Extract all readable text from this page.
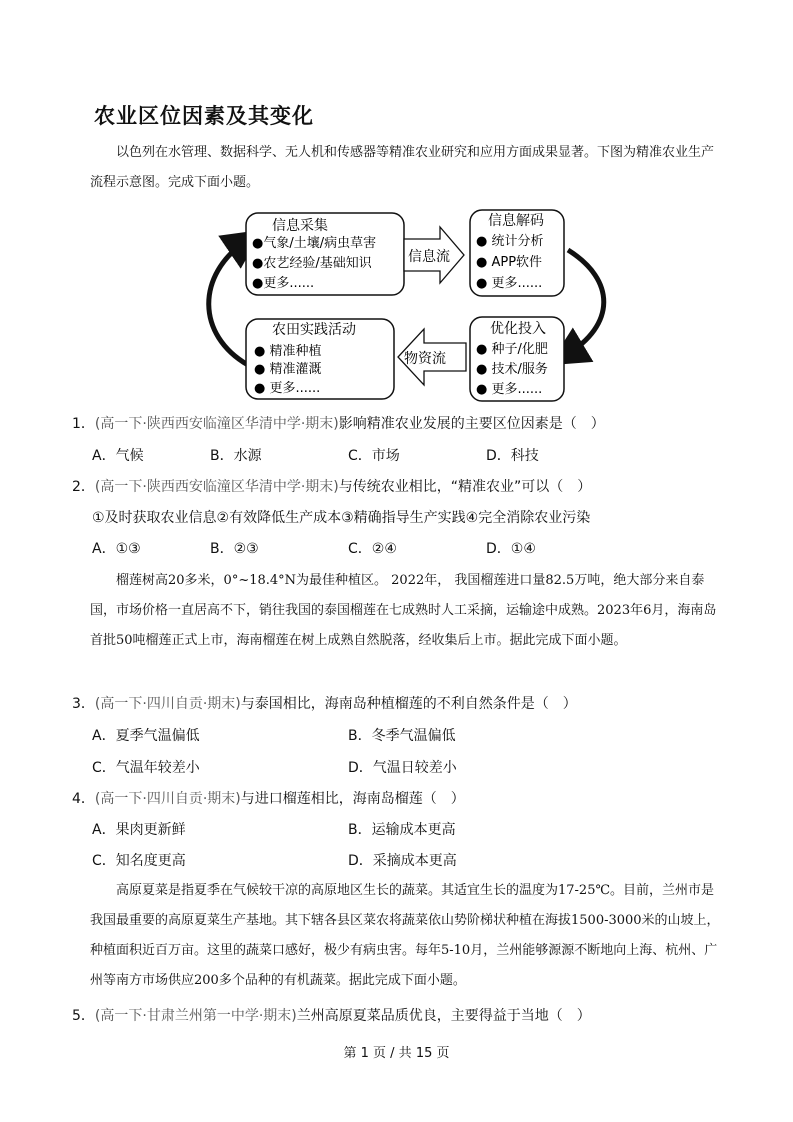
农业区位因素及其变化

以色列在水管理、数据科学、无人机和传感器等精准农业研究和应用方面成果显著。下图为精准农业生产流程示意图。完成下面小题。

信息采集
●气象/土壤/病虫草害
●农艺经验/基础知识
●更多......
信息流
信息解码
● 统计分析
● APP软件
● 更多......
农田实践活动
● 精准种植
● 精准灌溉
● 更多......
物资流
优化投入
● 种子/化肥
● 技术/服务
● 更多......
1．(高一下·陕西西安临潼区华清中学·期末)影响精准农业发展的主要区位因素是（　）
A．气候	B．水源	C．市场	D．科技
2．(高一下·陕西西安临潼区华清中学·期末)与传统农业相比，“精准农业”可以（　）
①及时获取农业信息②有效降低生产成本③精确指导生产实践④完全消除农业污染
A．①③	B．②③	C．②④	D．①④

榴莲树高20多米，0°~18.4°N为最佳种植区。 2022年， 我国榴莲进口量82.5万吨，绝大部分来自泰国，市场价格一直居高不下，销往我国的泰国榴莲在七成熟时人工采摘，运输途中成熟。2023年6月，海南岛首批50吨榴莲正式上市，海南榴莲在树上成熟自然脱落，经收集后上市。据此完成下面小题。

3．(高一下·四川自贡·期末)与泰国相比，海南岛种植榴莲的不利自然条件是（　）
A．夏季气温偏低	B．冬季气温偏低
C．气温年较差小	D．气温日较差小
4．(高一下·四川自贡·期末)与进口榴莲相比，海南岛榴莲（　）
A．果肉更新鲜	B．运输成本更高
C．知名度更高	D．采摘成本更高

高原夏菜是指夏季在气候较干凉的高原地区生长的蔬菜。其适宜生长的温度为17-25℃。目前，兰州市是我国最重要的高原夏菜生产基地。其下辖各县区菜农将蔬菜依山势阶梯状种植在海拔1500-3000米的山坡上，种植面积近百万亩。这里的蔬菜口感好，极少有病虫害。每年5-10月，兰州能够源源不断地向上海、杭州、广州等南方市场供应200多个品种的有机蔬菜。据此完成下面小题。

5．(高一下·甘肃兰州第一中学·期末)兰州高原夏菜品质优良，主要得益于当地（　）
第 1 页 / 共 15 页
